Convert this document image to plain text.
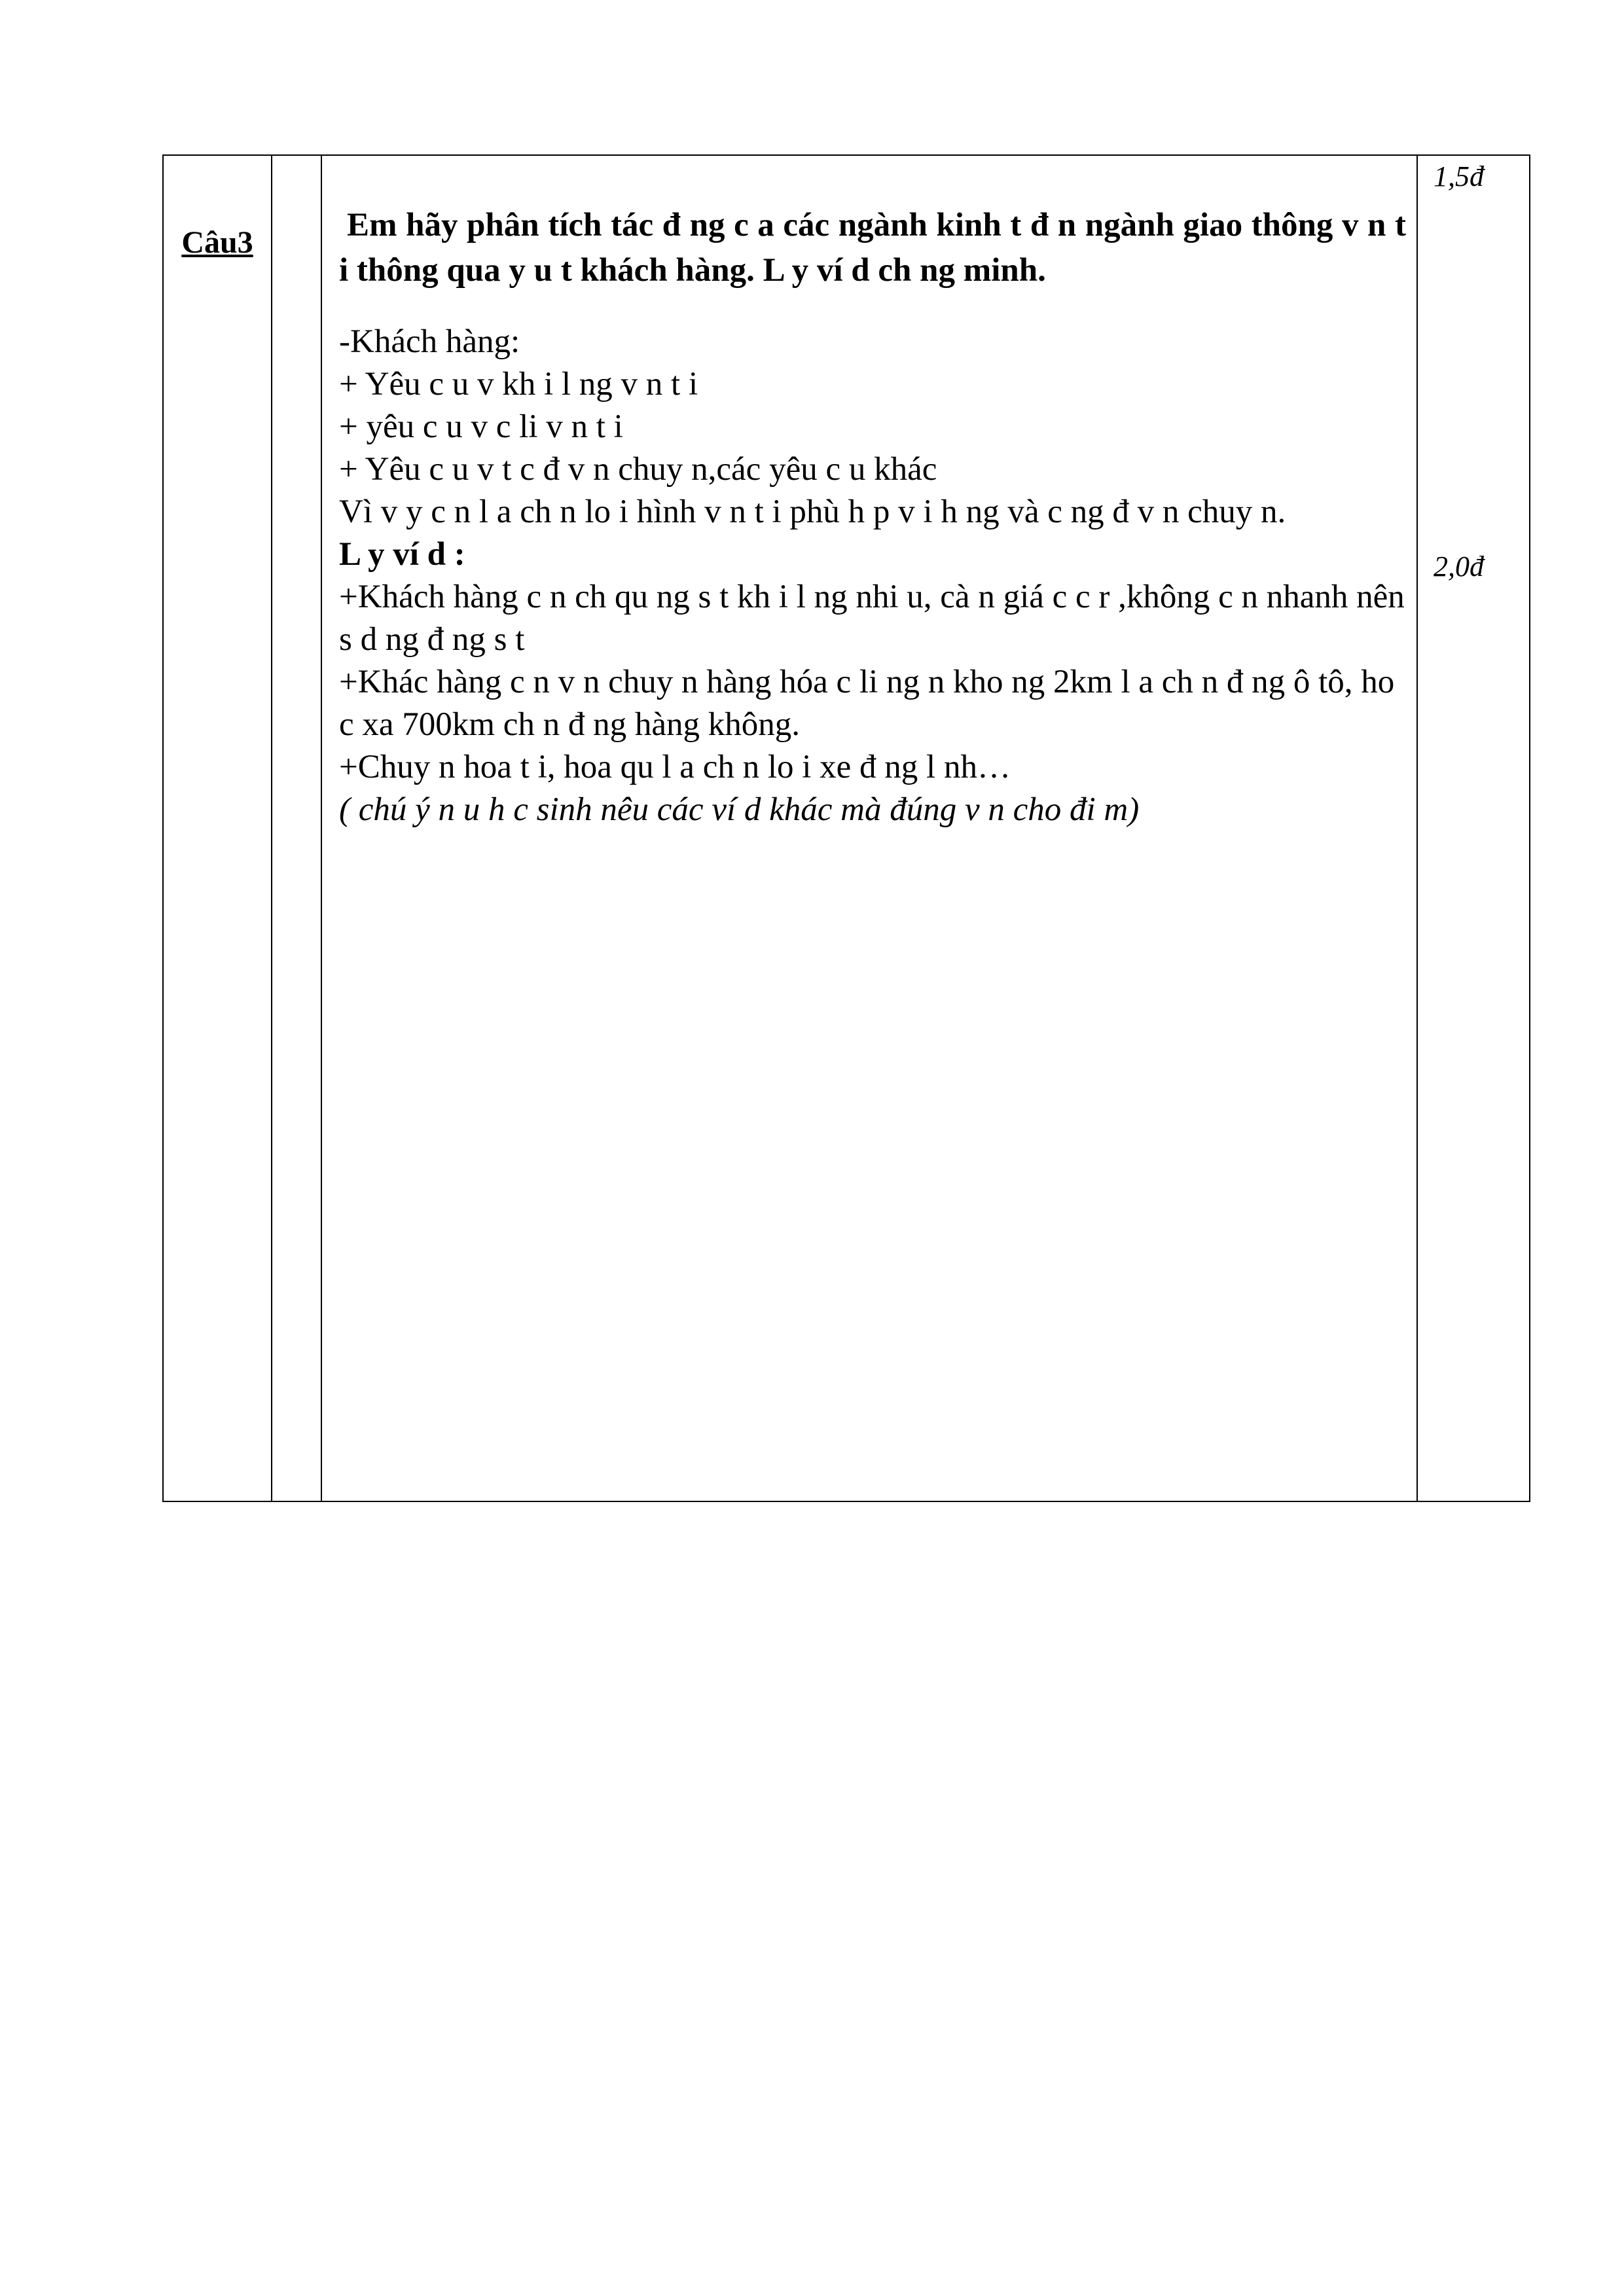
Câu3
1,5đ
2,0đ
Em hãy phân tích tác đ ng c a các ngành kinh t đ n ngành giao thông v n t i thông qua y u t khách hàng. L y ví d ch ng minh.
-Khách hàng:
+ Yêu c u v kh i l ng v n t i
+ yêu c u v c li v n t i
+ Yêu c u v t c đ v n chuy n,các yêu c u khác
Vì v y c n l a ch n lo i hình v n t i phù h p v i h ng và c ng đ v n chuy n.
L y ví d :
+Khách hàng c n ch qu ng s t kh i l ng nhi u, cà n giá c c r ,không c n nhanh nên s d ng đ ng s t
+Khác hàng c n v n chuy n hàng hóa c li ng n kho ng 2km l a ch n đ ng ô tô, ho c xa 700km ch n đ ng hàng không.
+Chuy n hoa t i, hoa qu l a ch n lo i xe đ ng l nh…
( chú ý n u h c sinh nêu các ví d khác mà đúng v n cho đi m)
